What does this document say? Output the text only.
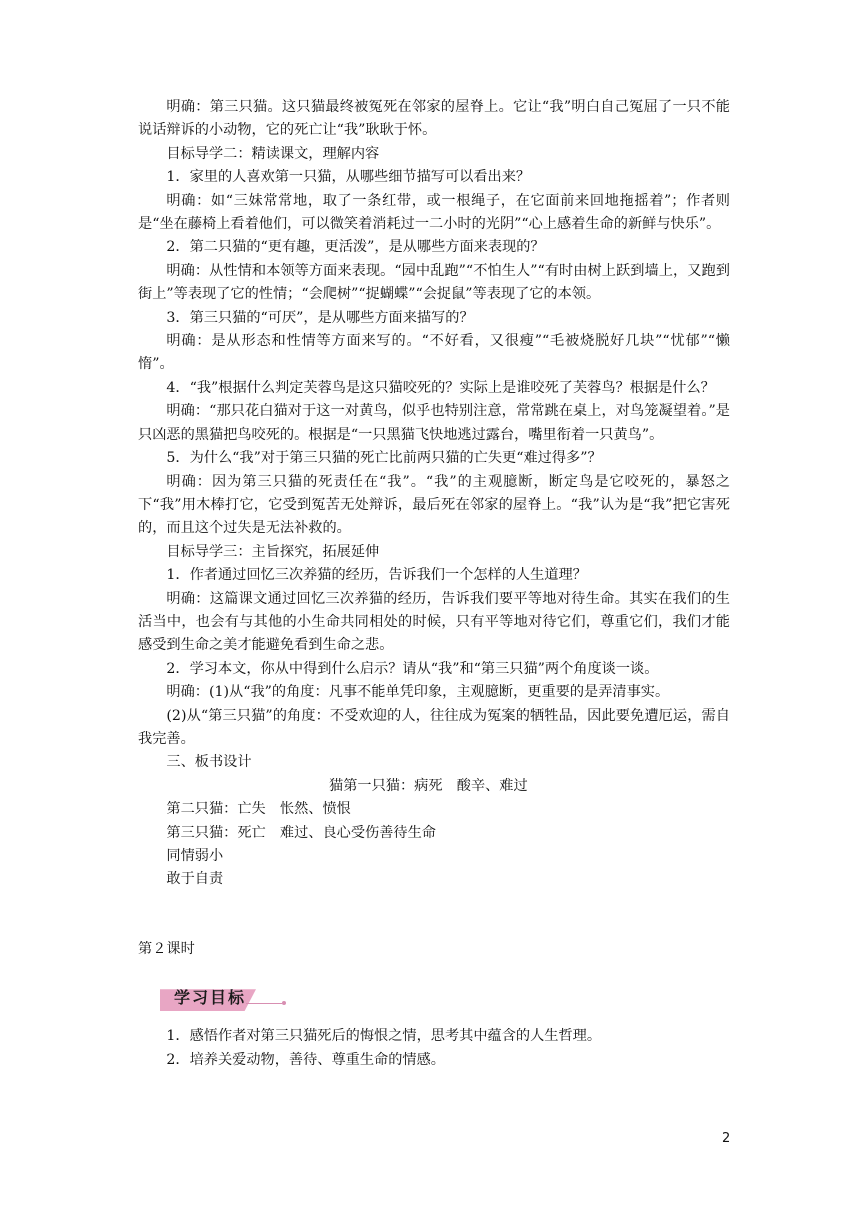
明确：第三只猫。这只猫最终被冤死在邻家的屋脊上。它让“我”明白自己冤屈了一只不能说话辩诉的小动物，它的死亡让“我”耿耿于怀。

目标导学二：精读课文，理解内容

1．家里的人喜欢第一只猫，从哪些细节描写可以看出来？

明确：如“三妹常常地，取了一条红带，或一根绳子，在它面前来回地拖摇着”；作者则是“坐在藤椅上看着他们，可以微笑着消耗过一二小时的光阴”“心上感着生命的新鲜与快乐”。

2．第二只猫的“更有趣，更活泼”，是从哪些方面来表现的？

明确：从性情和本领等方面来表现。“园中乱跑”“不怕生人”“有时由树上跃到墙上，又跑到街上”等表现了它的性情；“会爬树”“捉蝴蝶”“会捉鼠”等表现了它的本领。

3．第三只猫的“可厌”，是从哪些方面来描写的？

明确：是从形态和性情等方面来写的。“不好看，又很瘦”“毛被烧脱好几块”“忧郁”“懒惰”。

4．“我”根据什么判定芙蓉鸟是这只猫咬死的？实际上是谁咬死了芙蓉鸟？根据是什么？

明确：“那只花白猫对于这一对黄鸟，似乎也特别注意，常常跳在桌上，对鸟笼凝望着。”是只凶恶的黑猫把鸟咬死的。根据是“一只黑猫飞快地逃过露台，嘴里衔着一只黄鸟”。

5．为什么“我”对于第三只猫的死亡比前两只猫的亡失更“难过得多”？

明确：因为第三只猫的死责任在“我”。“我”的主观臆断，断定鸟是它咬死的，暴怒之下“我”用木棒打它，它受到冤苦无处辩诉，最后死在邻家的屋脊上。“我”认为是“我”把它害死的，而且这个过失是无法补救的。

目标导学三：主旨探究，拓展延伸

1．作者通过回忆三次养猫的经历，告诉我们一个怎样的人生道理？

明确：这篇课文通过回忆三次养猫的经历，告诉我们要平等地对待生命。其实在我们的生活当中，也会有与其他的小生命共同相处的时候，只有平等地对待它们，尊重它们，我们才能感受到生命之美才能避免看到生命之悲。

2．学习本文，你从中得到什么启示？请从“我”和“第三只猫”两个角度谈一谈。

明确：(1)从“我”的角度：凡事不能单凭印象，主观臆断，更重要的是弄清事实。

(2)从“第三只猫”的角度：不受欢迎的人，往往成为冤案的牺牲品，因此要免遭厄运，需自我完善。

三、板书设计

猫第一只猫：病死　酸辛、难过

第二只猫：亡失　怅然、愤恨

第三只猫：死亡　难过、良心受伤善待生命

同情弱小

敢于自责

第２课时

学习目标

1．感悟作者对第三只猫死后的悔恨之情，思考其中蕴含的人生哲理。

2．培养关爱动物，善待、尊重生命的情感。

2
